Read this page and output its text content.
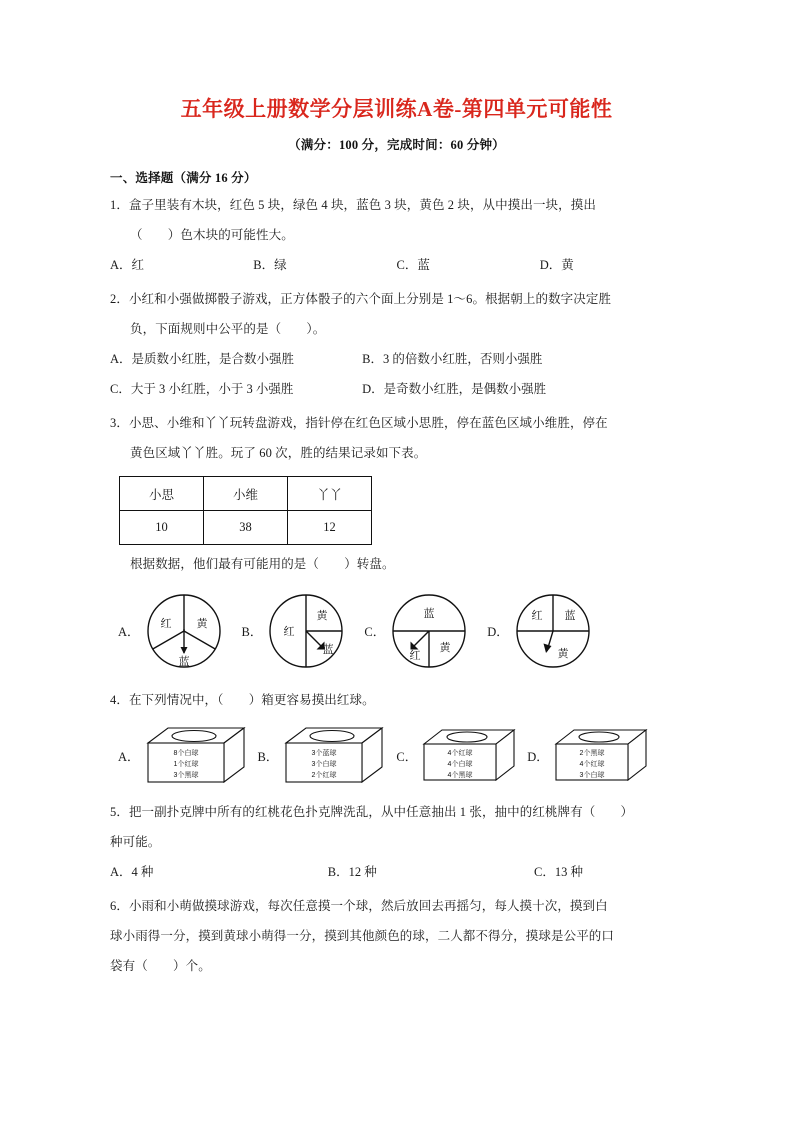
五年级上册数学分层训练A卷-第四单元可能性
（满分：100 分，完成时间：60 分钟）
一、选择题（满分 16 分）
1．盒子里装有木块，红色 5 块，绿色 4 块，蓝色 3 块，黄色 2 块，从中摸出一块，摸出
（　　）色木块的可能性大。
A．红	B．绿	C．蓝	D．黄
2．小红和小强做掷骰子游戏，正方体骰子的六个面上分别是 1～6。根据朝上的数字决定胜
负，下面规则中公平的是（　　）。
A．是质数小红胜，是合数小强胜	B．3 的倍数小红胜，否则小强胜
C．大于 3 小红胜，小于 3 小强胜	D．是奇数小红胜，是偶数小强胜
3．小思、小维和丫丫玩转盘游戏，指针停在红色区域小思胜，停在蓝色区域小维胜，停在
黄色区域丫丫胜。玩了 60 次，胜的结果记录如下表。
小思	小维	丫丫
10	38	12
根据数据，他们最有可能用的是（　　）转盘。
A．
红 黄
蓝
B． 红
黄
蓝
C．
蓝
红
黄
D．
红 蓝
黄
4．在下列情况中，（　　）箱更容易摸出红球。
A．	8个白球
1个红球
3个黑球
B．	3个蓝球
3个白球
2个红球
C．	4个红球
4个白球
4个黑球
D．	2个黑球
4个红球
3个白球
5．把一副扑克牌中所有的红桃花色扑克牌洗乱，从中任意抽出 1 张，抽中的红桃牌有（　　）
种可能。
A．4 种	B．12 种	C．13 种
6．小雨和小萌做摸球游戏，每次任意摸一个球，然后放回去再摇匀，每人摸十次，摸到白
球小雨得一分，摸到黄球小萌得一分，摸到其他颜色的球，二人都不得分，摸球是公平的口
袋有（　　）个。
